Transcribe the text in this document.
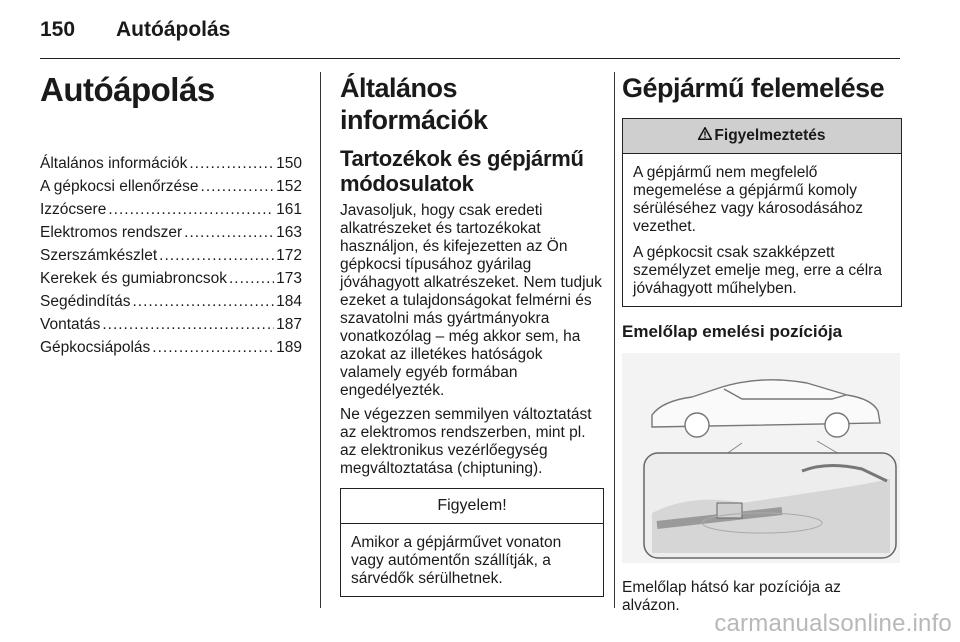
150 Autóápolás
Autóápolás
Általános információk .....	150
A gépkocsi ellenőrzése .....	152
Izzócsere .....	161
Elektromos rendszer .....	163
Szerszámkészlet .....	172
Kerekek és gumiabroncsok .....	173
Segédindítás .....	184
Vontatás .....	187
Gépkocsiápolás .....	189
Általános információk
Tartozékok és gépjármű módosulatok

Javasoljuk, hogy csak eredeti alkatrészeket és tartozékokat használjon, és kifejezetten az Ön gépkocsi típusához gyárilag jóváhagyott alkatrészeket. Nem tudjuk ezeket a tulajdonságokat felmérni és szavatolni más gyártmányokra vonatkozólag – még akkor sem, ha azokat az illetékes hatóságok valamely egyéb formában engedélyezték.

Ne végezzen semmilyen változtatást az elektromos rendszerben, mint pl. az elektronikus vezérlőegység megváltoztatása (chiptuning).

Figyelem!

Amikor a gépjárművet vonaton vagy autómentőn szállítják, a sárvédők sérülhetnek.

Gépjármű felemelése
Figyelmeztetés

A gépjármű nem megfelelő megemelése a gépjármű komoly sérüléséhez vagy károsodásához vezethet.

A gépkocsit csak szakképzett személyzet emelje meg, erre a célra jóváhagyott műhelyben.

Emelőlap emelési pozíciója
Emelőlap hátsó kar pozíciója az alvázon.
carmanualsonline.info
